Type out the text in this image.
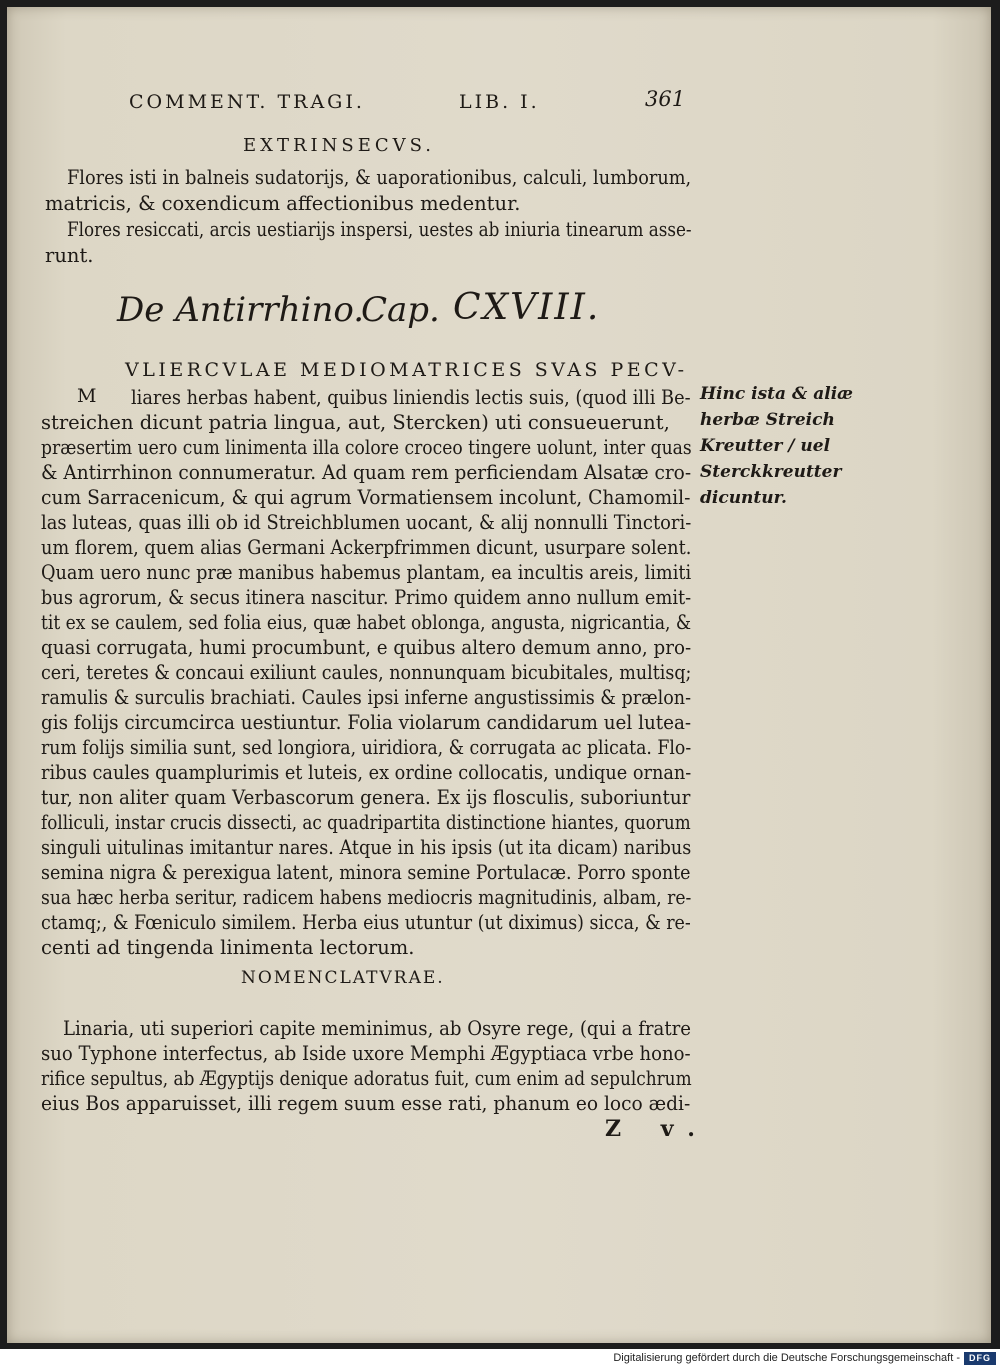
COMMENT. TRAGI.	LIB. I.	361
EXTRINSECVS.
Flores isti in balneis sudatorijs, & uaporationibus, calculi, lumborum,
matricis, & coxendicum affectionibus medentur.
Flores resiccati, arcis uestiarijs inspersi, uestes ab iniuria tinearum asse-
runt.
De Antirrhino.
Cap. CXVIII.
VLIERCVLAE MEDIOMATRICES SVAS PECV-
M liares herbas habent, quibus liniendis lectis suis, (quod illi Be-
streichen dicunt patria lingua, aut, Stercken) uti consueuerunt,
præsertim uero cum linimenta illa colore croceo tingere uolunt, inter quas
& Antirrhinon connumeratur. Ad quam rem perficiendam Alsatæ cro-
cum Sarracenicum, & qui agrum Vormatiensem incolunt, Chamomil-
las luteas, quas illi ob id Streichblumen uocant, & alij nonnulli Tinctori-
um florem, quem alias Germani Ackerpfrimmen dicunt, usurpare solent.
Quam uero nunc præ manibus habemus plantam, ea incultis areis, limiti
bus agrorum, & secus itinera nascitur. Primo quidem anno nullum emit-
tit ex se caulem, sed folia eius, quæ habet oblonga, angusta, nigricantia, &
quasi corrugata, humi procumbunt, e quibus altero demum anno, pro-
ceri, teretes & concaui exiliunt caules, nonnunquam bicubitales, multisq;
ramulis & surculis brachiati. Caules ipsi inferne angustissimis & prælon-
gis folijs circumcirca uestiuntur. Folia violarum candidarum uel lutea-
rum folijs similia sunt, sed longiora, uiridiora, & corrugata ac plicata. Flo-
ribus caules quamplurimis et luteis, ex ordine collocatis, undique ornan-
tur, non aliter quam Verbascorum genera. Ex ijs flosculis, suboriuntur
folliculi, instar crucis dissecti, ac quadripartita distinctione hiantes, quorum
singuli uitulinas imitantur nares. Atque in his ipsis (ut ita dicam) naribus
semina nigra & perexigua latent, minora semine Portulacæ. Porro sponte
sua hæc herba seritur, radicem habens mediocris magnitudinis, albam, re-
ctamq;, & Fœniculo similem. Herba eius utuntur (ut diximus) sicca, & re-
centi ad tingenda linimenta lectorum.
Hinc ista & aliæ
herbæ Streich
Kreutter / uel
Sterckkreutter
dicuntur.
NOMENCLATVRAE.
Linaria, uti superiori capite meminimus, ab Osyre rege, (qui a fratre
suo Typhone interfectus, ab Iside uxore Memphi Ægyptiaca vrbe hono-
rifice sepultus, ab Ægyptijs denique adoratus fuit, cum enim ad sepulchrum
eius Bos apparuisset, illi regem suum esse rati, phanum eo loco ædi-
Z v.
Digitalisierung gefördert durch die Deutsche Forschungsgemeinschaft -	DFG
